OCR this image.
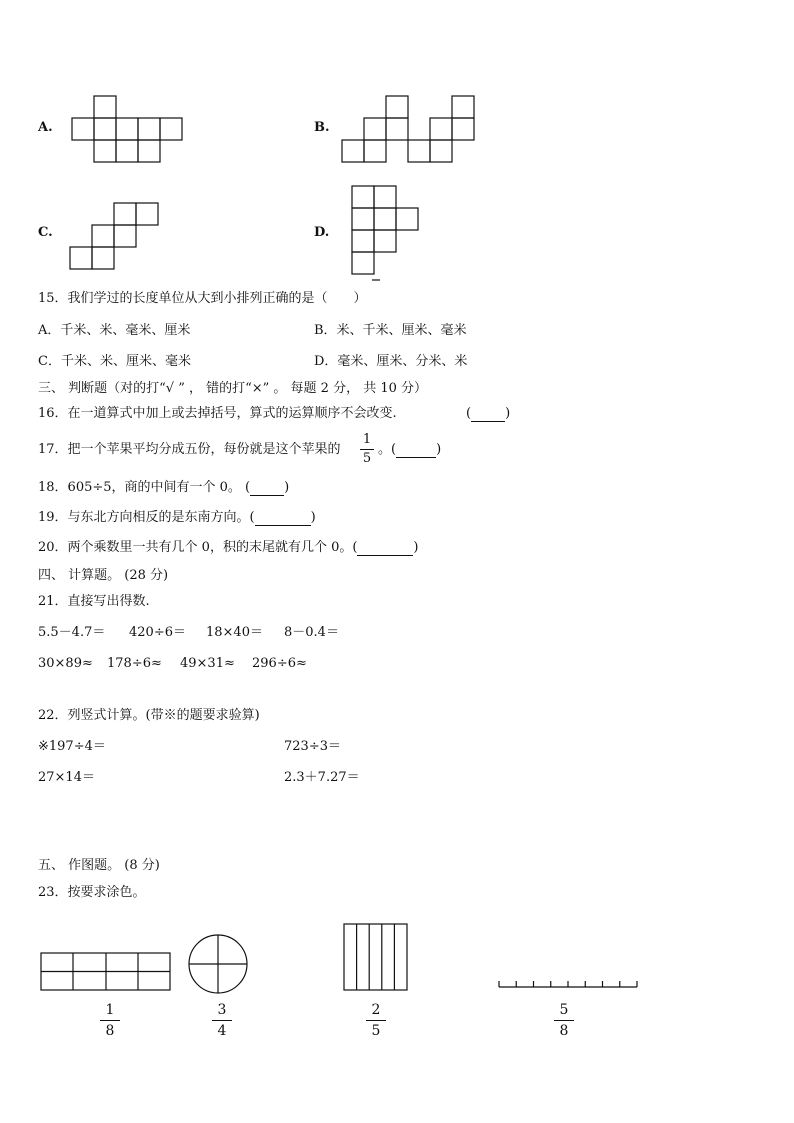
A.	B.
C.	D.
15．我们学过的长度单位从大到小排列正确的是（　　）
A．千米、米、毫米、厘米	B．米、千米、厘米、毫米
C．千米、米、厘米、毫米	D．毫米、厘米、分米、米
三、 判断题（对的打“√ ” ， 错的打“×” 。 每题 2 分， 共 10 分）
16．在一道算式中加上或去掉括号，算式的运算顺序不会改变.	(	)
17．把一个苹果平均分成五份，每份就是这个苹果的
1
5
。(	)
18．605÷5，商的中间有一个 0。 (	)
19．与东北方向相反的是东南方向。(	)
20．两个乘数里一共有几个 0，积的末尾就有几个 0。(	)
四、 计算题。 (28 分)
21．直接写出得数.
5.5－4.7＝ 420÷6＝ 18×40＝ 8－0.4＝
30×89≈ 178÷6≈ 49×31≈ 296÷6≈
22．列竖式计算。(带※的题要求验算)
※197÷4＝	723÷3＝
27×14＝	2.3＋7.27＝
五、 作图题。 (8 分)
23．按要求涂色。
1
8
3
4
2
5
5
8
